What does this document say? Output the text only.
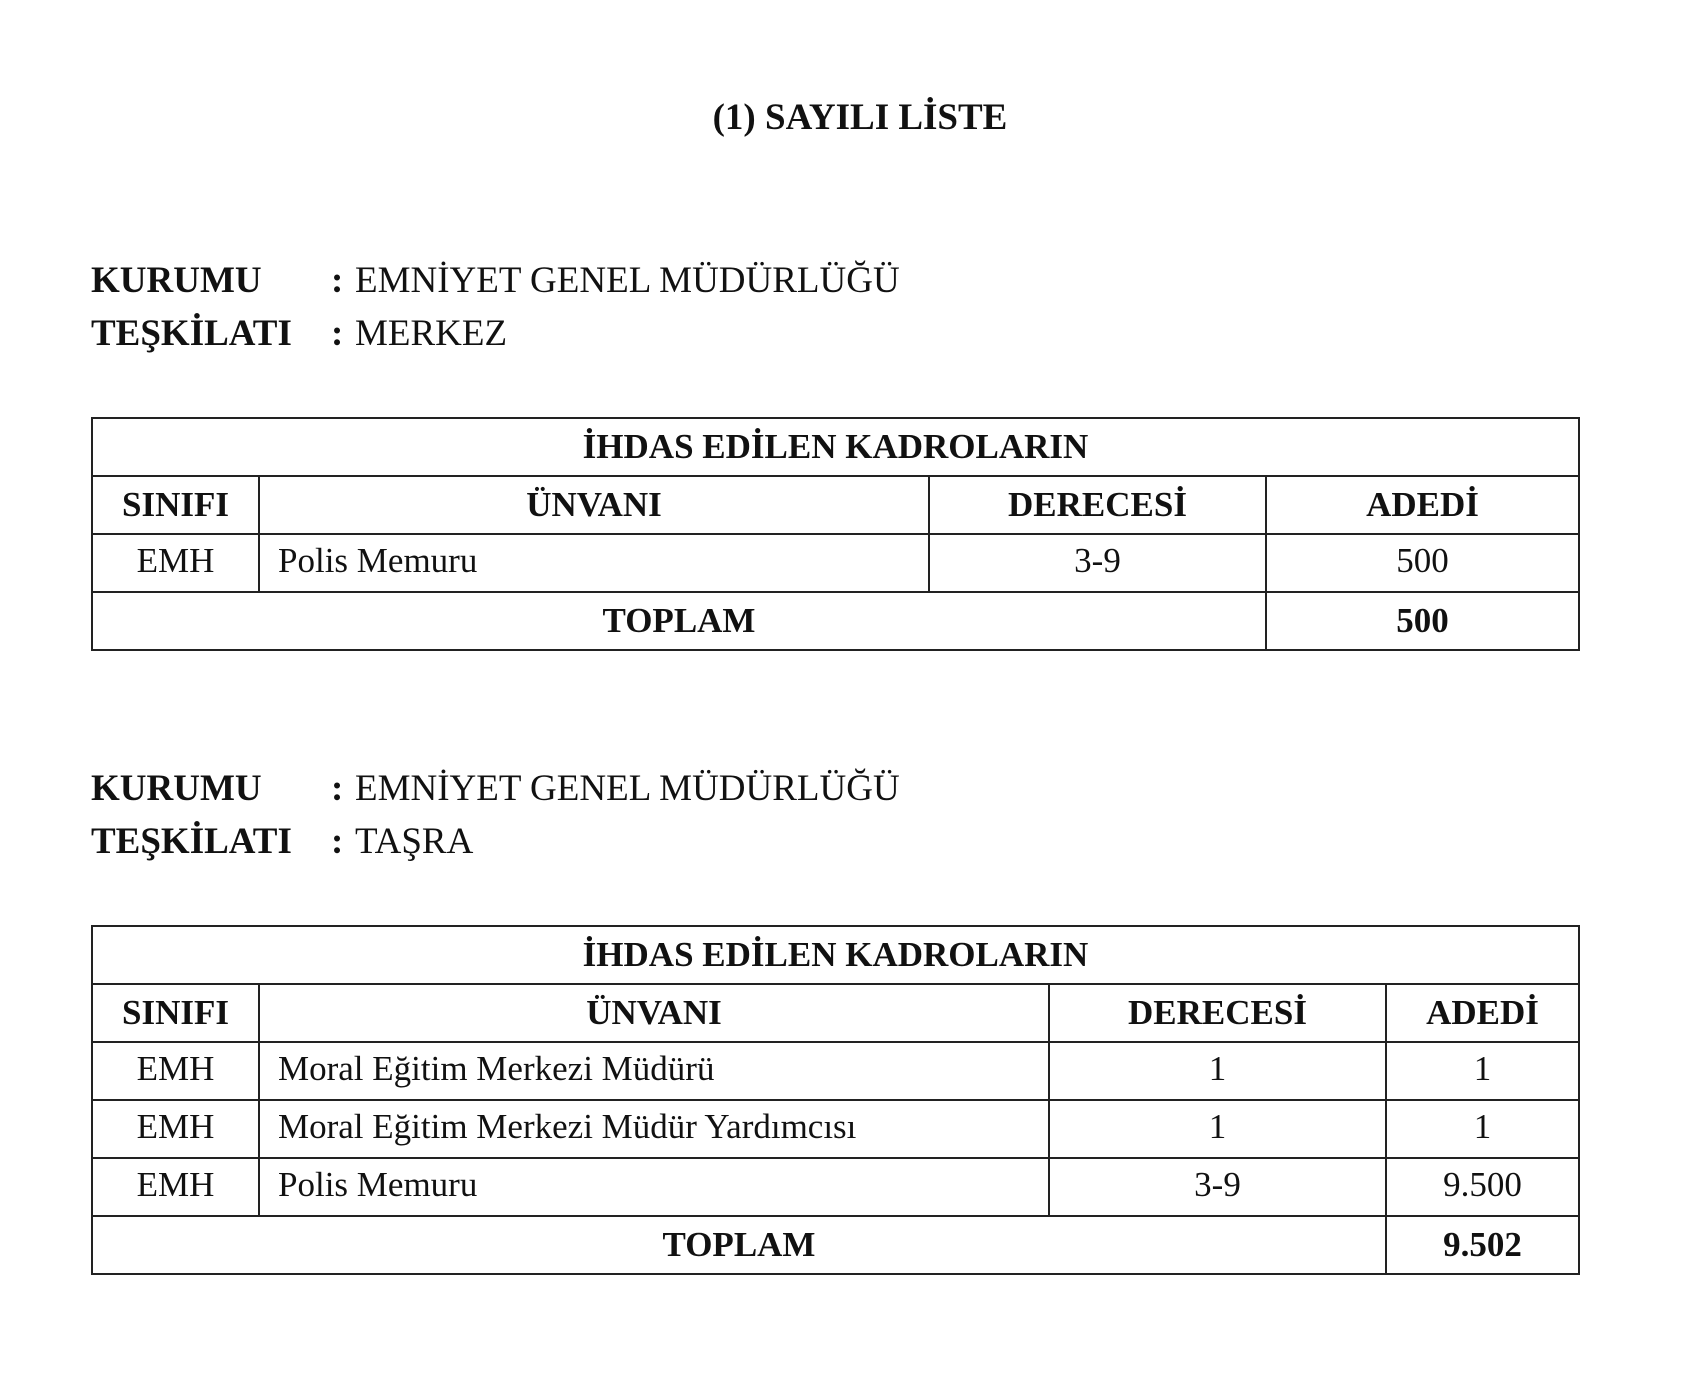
(1) SAYILI LİSTE
KURUMU	: EMNİYET GENEL MÜDÜRLÜĞÜ
TEŞKİLATI	: MERKEZ
İHDAS EDİLEN KADROLARIN			
SINIFI	ÜNVANI	DERECESİ	ADEDİ
EMH	Polis Memuru	3-9	500
TOPLAM			500
KURUMU	: EMNİYET GENEL MÜDÜRLÜĞÜ
TEŞKİLATI	: TAŞRA
İHDAS EDİLEN KADROLARIN			
SINIFI	ÜNVANI	DERECESİ	ADEDİ
EMH	Moral Eğitim Merkezi Müdürü	1	1
EMH	Moral Eğitim Merkezi Müdür Yardımcısı	1	1
EMH	Polis Memuru	3-9	9.500
TOPLAM			9.502
